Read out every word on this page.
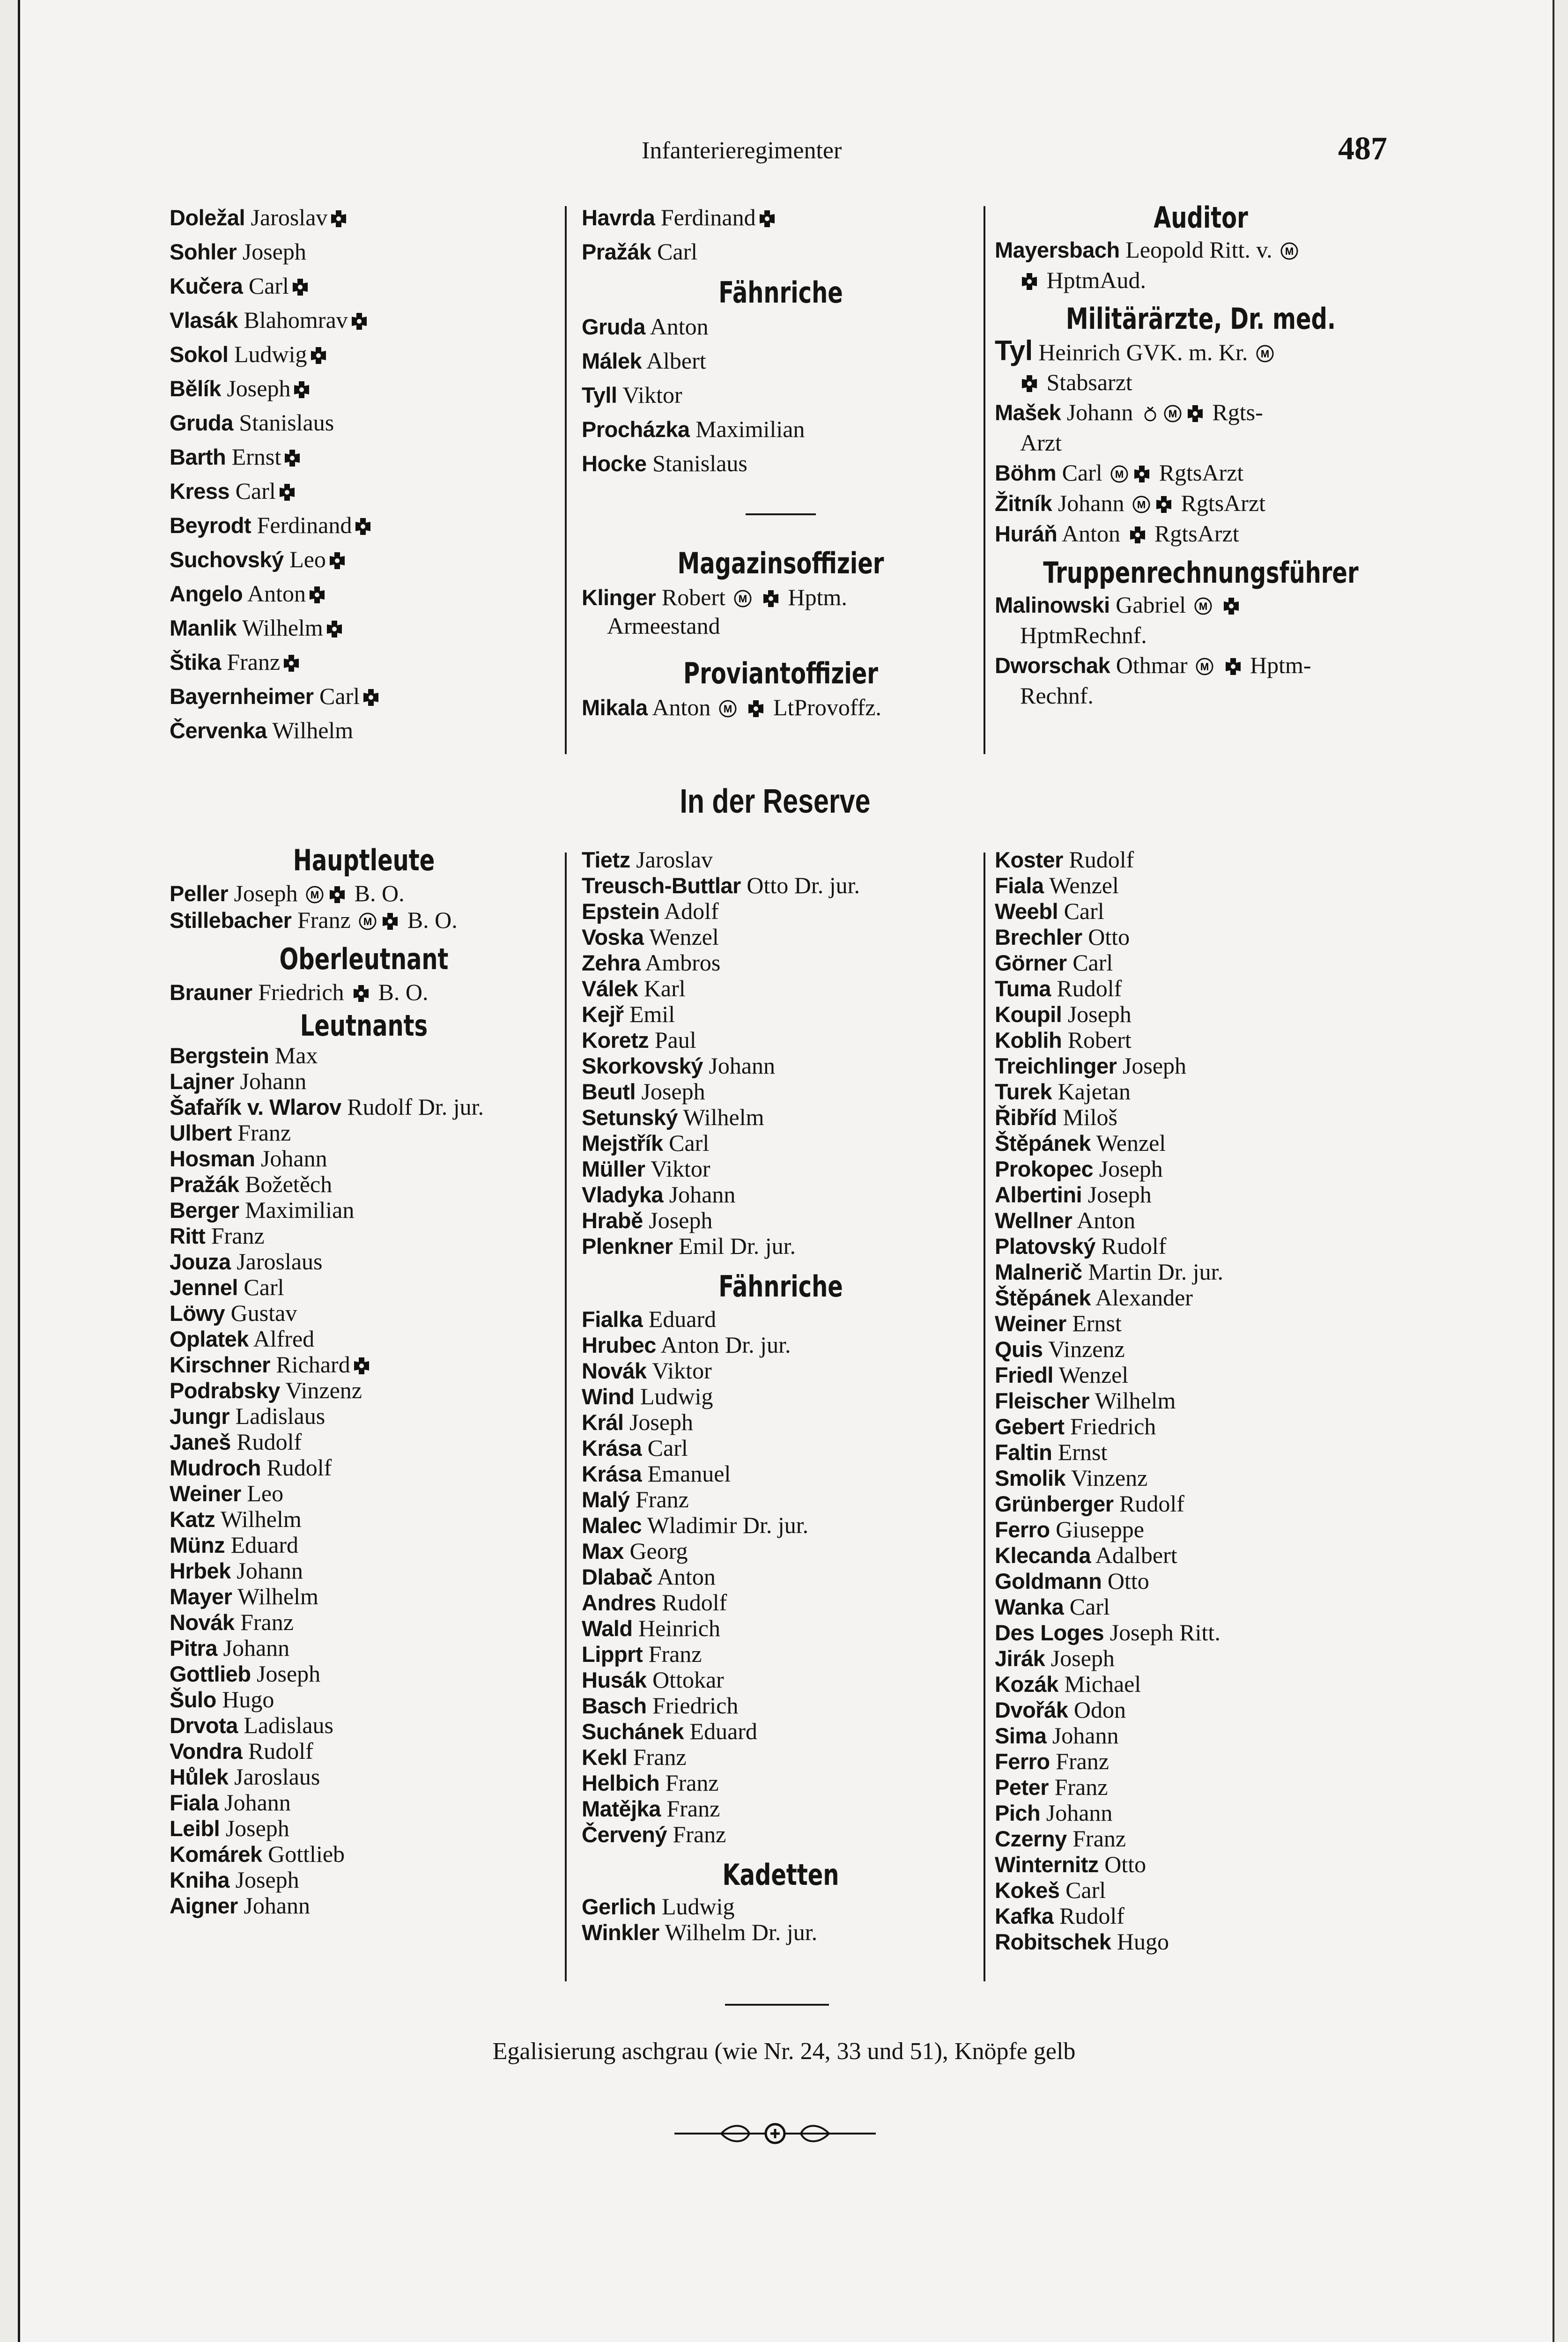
Infanterieregimenter	487
Doležal Jaroslav
Sohler Joseph
Kučera Carl
Vlasák Blahomrav
Sokol Ludwig
Bělík Joseph
Gruda Stanislaus
Barth Ernst
Kress Carl
Beyrodt Ferdinand
Suchovský Leo
Angelo Anton
Manlik Wilhelm
Štika Franz
Bayernheimer Carl
Červenka Wilhelm
Havrda Ferdinand
Pražák Carl
Fähnriche
Gruda Anton
Málek Albert
Tyll Viktor
Procházka Maximilian
Hocke Stanislaus
Magazinsoffizier
Klinger Robert M Hptm.
Armeestand
Proviantoffizier
Mikala Anton M LtProvoffz.
Auditor
Mayersbach Leopold Ritt. v. M

HptmAud.
Militärärzte, Dr. med.
Tyl Heinrich GVK. m. Kr. M

Stabsarzt
Mašek Johann	M Rgts-
Arzt
Böhm Carl M RgtsArzt
Žitník Johann M RgtsArzt
Huráň Anton  RgtsArzt
Truppenrechnungsführer
Malinowski Gabriel M

HptmRechnf.
Dworschak Othmar M Hptm-
Rechnf.
In der Reserve
Hauptleute
Peller Joseph M B. O.
Stillebacher Franz M B. O.
Oberleutnant
Brauner Friedrich  B. O.
Leutnants
Bergstein Max
Lajner Johann
Šafařík v. Wlarov Rudolf Dr. jur.
Ulbert Franz
Hosman Johann
Pražák Božetěch
Berger Maximilian
Ritt Franz
Jouza Jaroslaus
Jennel Carl
Löwy Gustav
Oplatek Alfred
Kirschner Richard
Podrabsky Vinzenz
Jungr Ladislaus
Janeš Rudolf
Mudroch Rudolf
Weiner Leo
Katz Wilhelm
Münz Eduard
Hrbek Johann
Mayer Wilhelm
Novák Franz
Pitra Johann
Gottlieb Joseph
Šulo Hugo
Drvota Ladislaus
Vondra Rudolf
Hůlek Jaroslaus
Fiala Johann
Leibl Joseph
Komárek Gottlieb
Kniha Joseph
Aigner Johann
Tietz Jaroslav
Treusch-Buttlar Otto Dr. jur.
Epstein Adolf
Voska Wenzel
Zehra Ambros
Válek Karl
Kejř Emil
Koretz Paul
Skorkovský Johann
Beutl Joseph
Setunský Wilhelm
Mejstřík Carl
Müller Viktor
Vladyka Johann
Hrabě Joseph
Plenkner Emil Dr. jur.
Fähnriche
Fialka Eduard
Hrubec Anton Dr. jur.
Novák Viktor
Wind Ludwig
Král Joseph
Krása Carl
Krása Emanuel
Malý Franz
Malec Wladimir Dr. jur.
Max Georg
Dlabač Anton
Andres Rudolf
Wald Heinrich
Lipprt Franz
Husák Ottokar
Basch Friedrich
Suchánek Eduard
Kekl Franz
Helbich Franz
Matějka Franz
Červený Franz
Kadetten
Gerlich Ludwig
Winkler Wilhelm Dr. jur.
Koster Rudolf
Fiala Wenzel
Weebl Carl
Brechler Otto
Görner Carl
Tuma Rudolf
Koupil Joseph
Koblih Robert
Treichlinger Joseph
Turek Kajetan
Řibříd Miloš
Štěpánek Wenzel
Prokopec Joseph
Albertini Joseph
Wellner Anton
Platovský Rudolf
Malnerič Martin Dr. jur.
Štěpánek Alexander
Weiner Ernst
Quis Vinzenz
Friedl Wenzel
Fleischer Wilhelm
Gebert Friedrich
Faltin Ernst
Smolik Vinzenz
Grünberger Rudolf
Ferro Giuseppe
Klecanda Adalbert
Goldmann Otto
Wanka Carl
Des Loges Joseph Ritt.
Jirák Joseph
Kozák Michael
Dvořák Odon
Sima Johann
Ferro Franz
Peter Franz
Pich Johann
Czerny Franz
Winternitz Otto
Kokeš Carl
Kafka Rudolf
Robitschek Hugo
Egalisierung aschgrau (wie Nr. 24, 33 und 51), Knöpfe gelb
